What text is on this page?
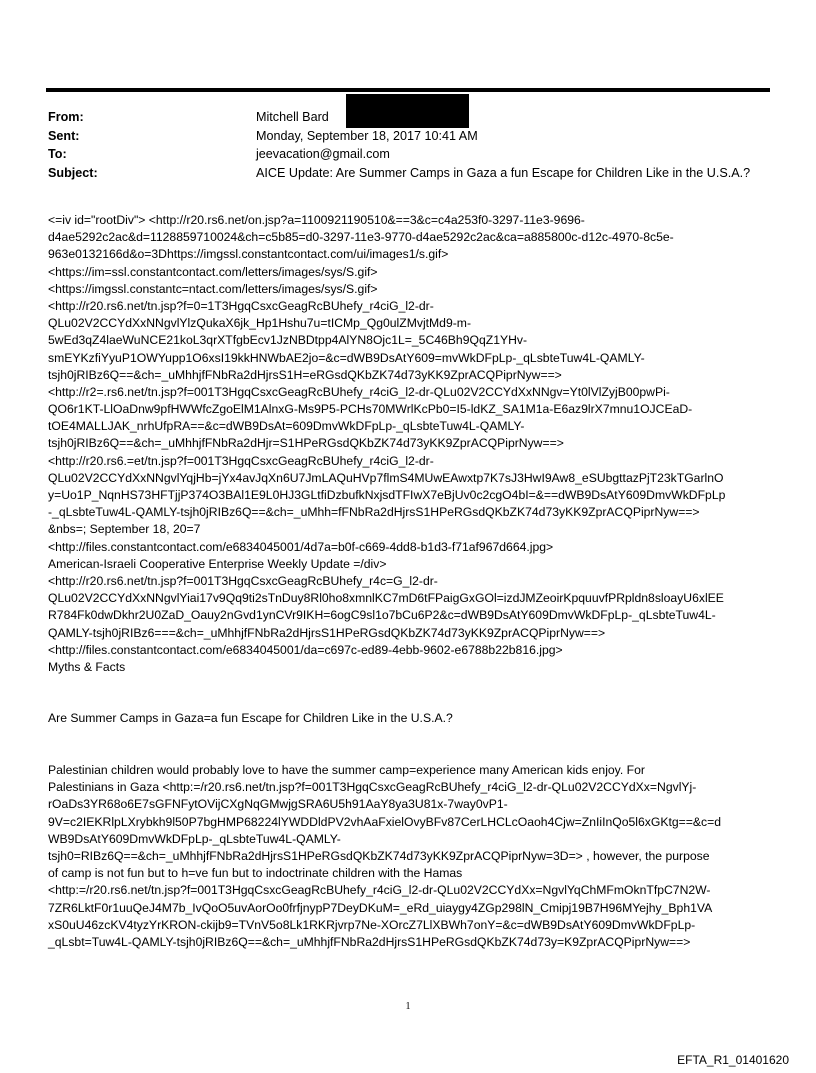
From:	Mitchell Bard
Sent:	Monday, September 18, 2017 10:41 AM
To:	jeevacation@gmail.com
Subject:	AICE Update: Are Summer Camps in Gaza a fun Escape for Children Like in the U.S.A.?
<=iv id="rootDiv"> <http://r20.rs6.net/on.jsp?a=1100921190510&==3&c=c4a253f0-3297-11e3-9696-
d4ae5292c2ac&d=1128859710024&ch=c5b85=d0-3297-11e3-9770-d4ae5292c2ac&ca=a885800c-d12c-4970-8c5e-
963e0132166d&o=3Dhttps://imgssl.constantcontact.com/ui/images1/s.gif>
<https://im=ssl.constantcontact.com/letters/images/sys/S.gif>
<https://imgssl.constantc=ntact.com/letters/images/sys/S.gif>
<http://r20.rs6.net/tn.jsp?f=0=1T3HgqCsxcGeagRcBUhefy_r4ciG_l2-dr-
QLu02V2CCYdXxNNgvlYlzQukaX6jk_Hp1Hshu7u=tICMp_Qg0ulZMvjtMd9-m-
5wEd3qZ4laeWuNCE21koL3qrXTfgbEcv1JzNBDtpp4AlYN8Ojc1L=_5C46Bh9QqZ1YHv-
smEYKzfiYyuP1OWYupp1O6xsI19kkHNWbAE2jo=&c=dWB9DsAtY609=mvWkDFpLp-_qLsbteTuw4L-QAMLY-
tsjh0jRIBz6Q==&ch=_uMhhjfFNbRa2dHjrsS1H=eRGsdQKbZK74d73yKK9ZprACQPiprNyw==>
<http://r2=.rs6.net/tn.jsp?f=001T3HgqCsxcGeagRcBUhefy_r4ciG_l2-dr-QLu02V2CCYdXxNNgv=Yt0lVlZyjB00pwPi-
QO6r1KT-LlOaDnw9pfHWWfcZgoElM1AlnxG-Ms9P5-PCHs70MWrlKcPb0=I5-ldKZ_SA1M1a-E6az9lrX7mnu1OJCEaD-
tOE4MALLJAK_nrhUfpRA==&c=dWB9DsAt=609DmvWkDFpLp-_qLsbteTuw4L-QAMLY-
tsjh0jRIBz6Q==&ch=_uMhhjfFNbRa2dHjr=S1HPeRGsdQKbZK74d73yKK9ZprACQPiprNyw==>
<http://r20.rs6.=et/tn.jsp?f=001T3HgqCsxcGeagRcBUhefy_r4ciG_l2-dr-
QLu02V2CCYdXxNNgvlYqjHb=jYx4avJqXn6U7JmLAQuHVp7flmS4MUwEAwxtp7K7sJ3HwI9Aw8_eSUbgttazPjT23kTGarlnO
y=Uo1P_NqnHS73HFTjjP374O3BAl1E9L0HJ3GLtfiDzbufkNxjsdTFIwX7eBjUv0c2cgO4bI=&==dWB9DsAtY609DmvWkDFpLp
-_qLsbteTuw4L-QAMLY-tsjh0jRIBz6Q==&ch=_uMhh=fFNbRa2dHjrsS1HPeRGsdQKbZK74d73yKK9ZprACQPiprNyw==>
&nbs=; September 18, 20=7
<http://files.constantcontact.com/e6834045001/4d7a=b0f-c669-4dd8-b1d3-f71af967d664.jpg>
American-Israeli Cooperative Enterprise Weekly Update =/div>
<http://r20.rs6.net/tn.jsp?f=001T3HgqCsxcGeagRcBUhefy_r4c=G_l2-dr-
QLu02V2CCYdXxNNgvlYiai17v9Qq9ti2sTnDuy8Rl0ho8xmnlKC7mD6tFPaigGxGOl=izdJMZeoirKpquuvfPRpldn8sloayU6xlEE
R784Fk0dwDkhr2U0ZaD_Oauy2nGvd1ynCVr9IKH=6ogC9sl1o7bCu6P2&c=dWB9DsAtY609DmvWkDFpLp-_qLsbteTuw4L-
QAMLY-tsjh0jRIBz6===&ch=_uMhhjfFNbRa2dHjrsS1HPeRGsdQKbZK74d73yKK9ZprACQPiprNyw==>
<http://files.constantcontact.com/e6834045001/da=c697c-ed89-4ebb-9602-e6788b22b816.jpg>
Myths & Facts
Are Summer Camps in Gaza=a fun Escape for Children Like in the U.S.A.?
Palestinian children would probably love to have the summer camp=experience many American kids enjoy. For
Palestinians in Gaza <http:=/r20.rs6.net/tn.jsp?f=001T3HgqCsxcGeagRcBUhefy_r4ciG_l2-dr-QLu02V2CCYdXx=NgvlYj-
rOaDs3YR68o6E7sGFNFytOVijCXgNqGMwjgSRA6U5h91AaY8ya3U81x-7way0vP1-
9V=c2IEKRlpLXrybkh9l50P7bgHMP68224lYWDDldPV2vhAaFxielOvyBFv87CerLHCLcOaoh4Cjw=ZnIiInQo5l6xGKtg==&c=d
WB9DsAtY609DmvWkDFpLp-_qLsbteTuw4L-QAMLY-
tsjh0=RIBz6Q==&ch=_uMhhjfFNbRa2dHjrsS1HPeRGsdQKbZK74d73yKK9ZprACQPiprNyw=3D=> , however, the purpose
of camp is not fun but to h=ve fun but to indoctrinate children with the Hamas
<http:=/r20.rs6.net/tn.jsp?f=001T3HgqCsxcGeagRcBUhefy_r4ciG_l2-dr-QLu02V2CCYdXx=NgvlYqChMFmOknTfpC7N2W-
7ZR6LktF0r1uuQeJ4M7b_IvQoO5uvAorOo0frfjnypP7DeyDKuM=_eRd_uiaygy4ZGp298lN_Cmipj19B7H96MYejhy_Bph1VA
xS0uU46zcKV4tyzYrKRON-ckijb9=TVnV5o8Lk1RKRjvrp7Ne-XOrcZ7LlXBWh7onY=&c=dWB9DsAtY609DmvWkDFpLp-
_qLsbt=Tuw4L-QAMLY-tsjh0jRIBz6Q==&ch=_uMhhjfFNbRa2dHjrsS1HPeRGsdQKbZK74d73y=K9ZprACQPiprNyw==>
1
EFTA_R1_01401620
